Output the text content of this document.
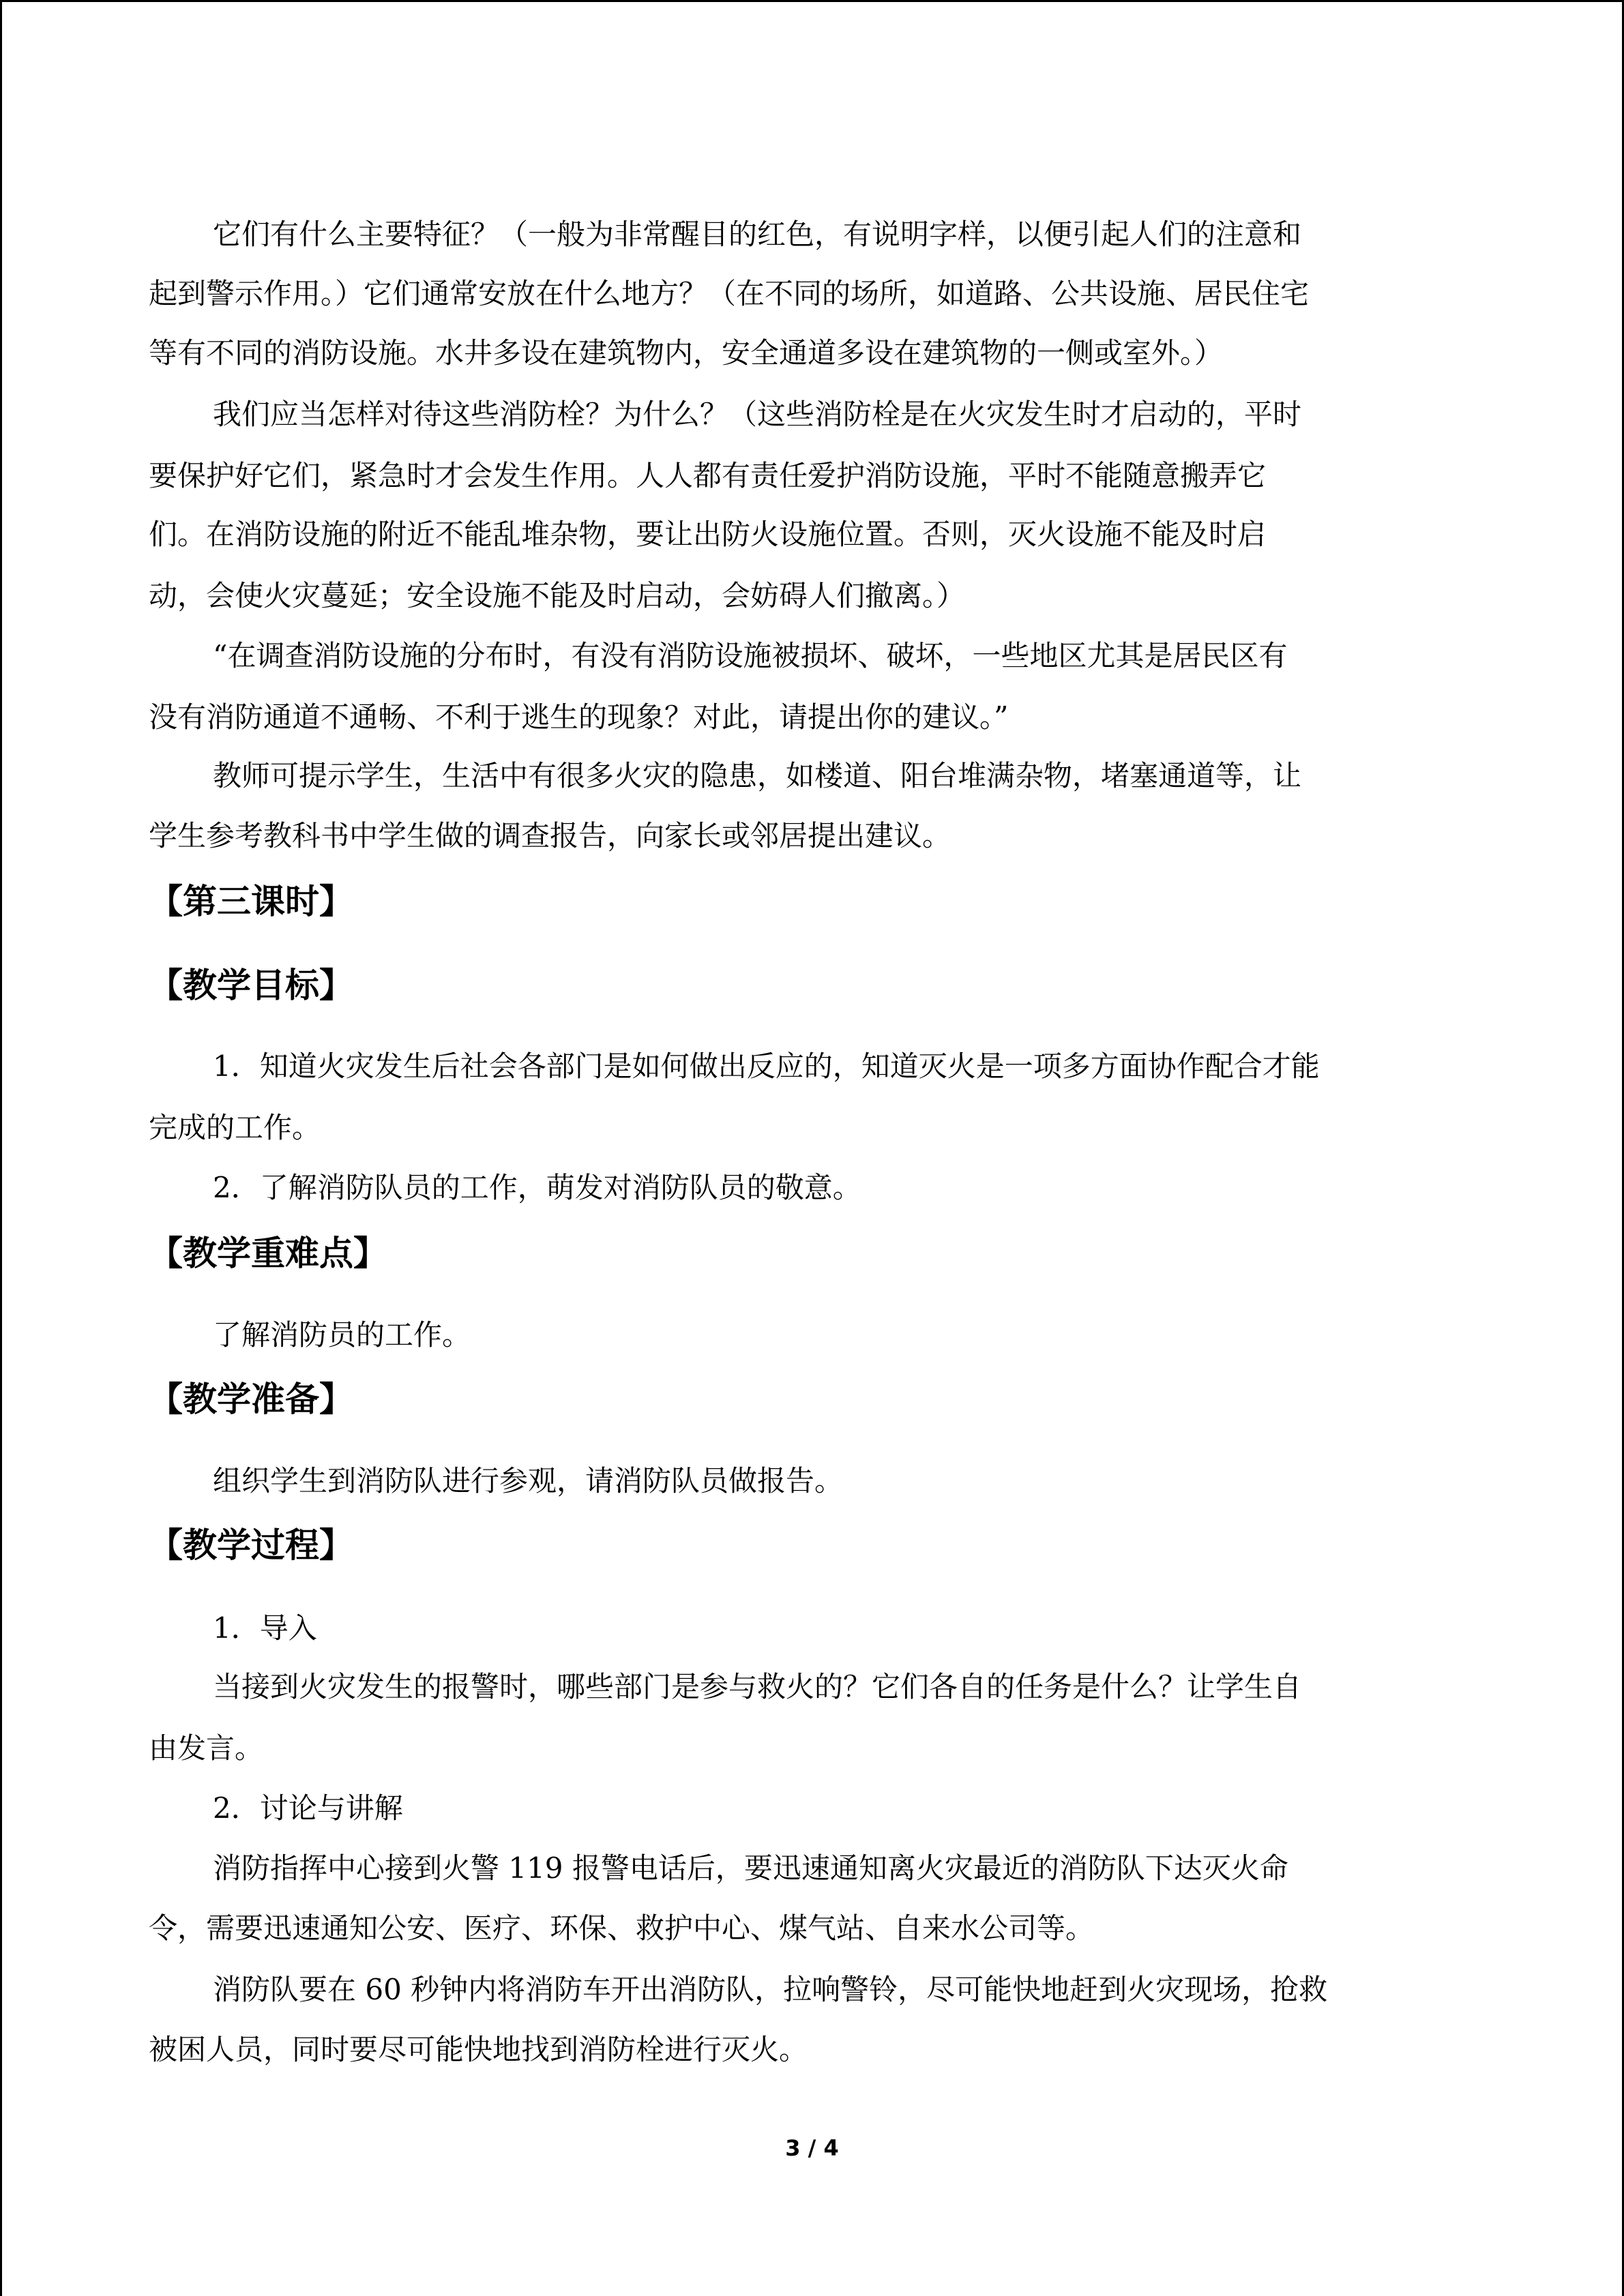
它们有什么主要特征？（一般为非常醒目的红色，有说明字样，以便引起人们的注意和
起到警示作用。）它们通常安放在什么地方？（在不同的场所，如道路、公共设施、居民住宅
等有不同的消防设施。水井多设在建筑物内，安全通道多设在建筑物的一侧或室外。）
我们应当怎样对待这些消防栓？为什么？（这些消防栓是在火灾发生时才启动的，平时
要保护好它们，紧急时才会发生作用。人人都有责任爱护消防设施，平时不能随意搬弄它
们。在消防设施的附近不能乱堆杂物，要让出防火设施位置。否则，灭火设施不能及时启
动，会使火灾蔓延；安全设施不能及时启动，会妨碍人们撤离。）
“在调查消防设施的分布时，有没有消防设施被损坏、破坏，一些地区尤其是居民区有
没有消防通道不通畅、不利于逃生的现象？对此，请提出你的建议。”
教师可提示学生，生活中有很多火灾的隐患，如楼道、阳台堆满杂物，堵塞通道等，让
学生参考教科书中学生做的调查报告，向家长或邻居提出建议。
【第三课时】
【教学目标】
1．知道火灾发生后社会各部门是如何做出反应的，知道灭火是一项多方面协作配合才能
完成的工作。
2．了解消防队员的工作，萌发对消防队员的敬意。
【教学重难点】
了解消防员的工作。
【教学准备】
组织学生到消防队进行参观，请消防队员做报告。
【教学过程】
1．导入
当接到火灾发生的报警时，哪些部门是参与救火的？它们各自的任务是什么？让学生自
由发言。
2．讨论与讲解
消防指挥中心接到火警 119 报警电话后，要迅速通知离火灾最近的消防队下达灭火命
令，需要迅速通知公安、医疗、环保、救护中心、煤气站、自来水公司等。
消防队要在 60 秒钟内将消防车开出消防队，拉响警铃，尽可能快地赶到火灾现场，抢救
被困人员，同时要尽可能快地找到消防栓进行灭火。
3 / 4
